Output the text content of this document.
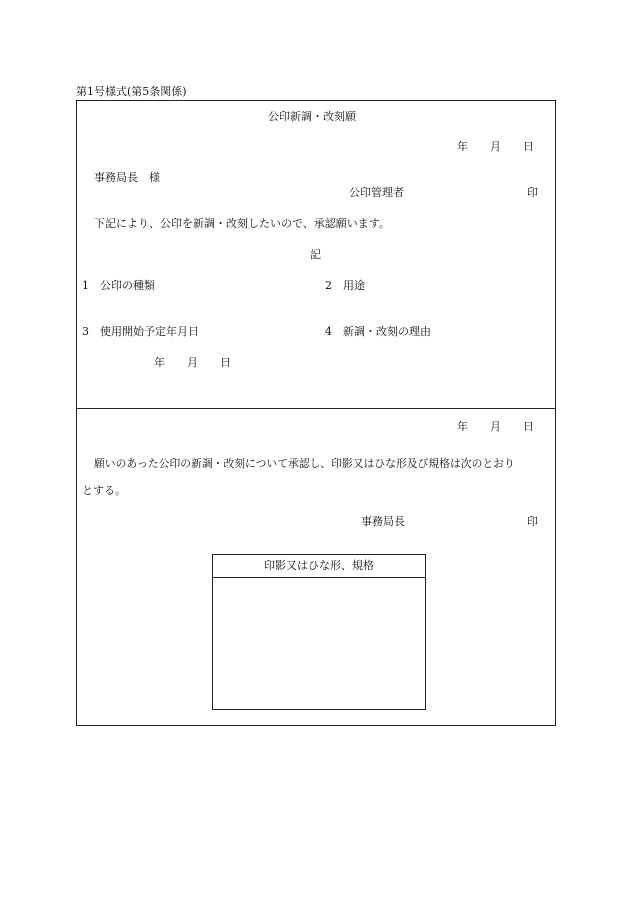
第1号様式(第5条関係)
公印新調・改刻願
年 月 日
事務局長　様
公印管理者	印
下記により、公印を新調・改刻したいので、承認願います。
記
1　公印の種類	2　用途
3　使用開始予定年月日	4　新調・改刻の理由
年 月 日
年 月 日
願いのあった公印の新調・改刻について承認し、印影又はひな形及び規格は次のとおり
とする。
事務局長	印
印影又はひな形、規格
